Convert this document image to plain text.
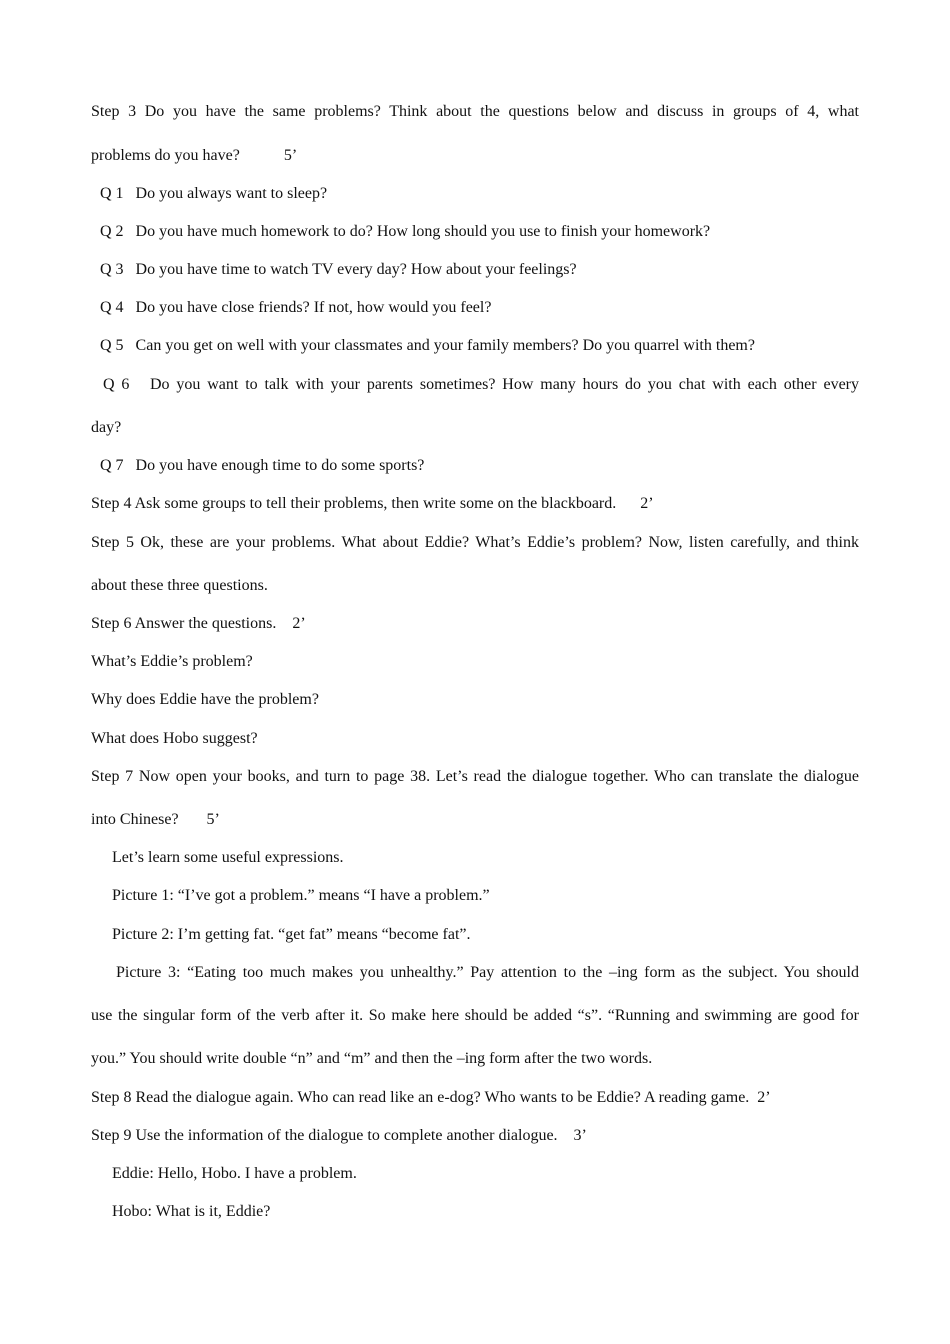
Step 3 Do you have the same problems? Think about the questions below and discuss in groups of 4, what
problems do you have?           5’
Q 1   Do you always want to sleep?
Q 2   Do you have much homework to do? How long should you use to finish your homework?
Q 3   Do you have time to watch TV every day? How about your feelings?
Q 4   Do you have close friends? If not, how would you feel?
Q 5   Can you get on well with your classmates and your family members? Do you quarrel with them?
Q 6   Do you want to talk with your parents sometimes? How many hours do you chat with each other every
day?
Q 7   Do you have enough time to do some sports?
Step 4 Ask some groups to tell their problems, then write some on the blackboard.      2’
Step 5 Ok, these are your problems. What about Eddie? What’s Eddie’s problem? Now, listen carefully, and think
about these three questions.
Step 6 Answer the questions.    2’
What’s Eddie’s problem?
Why does Eddie have the problem?
What does Hobo suggest?
Step 7 Now open your books, and turn to page 38. Let’s read the dialogue together. Who can translate the dialogue
into Chinese?       5’
Let’s learn some useful expressions.
Picture 1: “I’ve got a problem.” means “I have a problem.”
Picture 2: I’m getting fat. “get fat” means “become fat”.
Picture 3: “Eating too much makes you unhealthy.” Pay attention to the –ing form as the subject. You should
use the singular form of the verb after it. So make here should be added “s”. “Running and swimming are good for
you.” You should write double “n” and “m” and then the –ing form after the two words.
Step 8 Read the dialogue again. Who can read like an e-dog? Who wants to be Eddie? A reading game.  2’
Step 9 Use the information of the dialogue to complete another dialogue.    3’
Eddie: Hello, Hobo. I have a problem.
Hobo: What is it, Eddie?
